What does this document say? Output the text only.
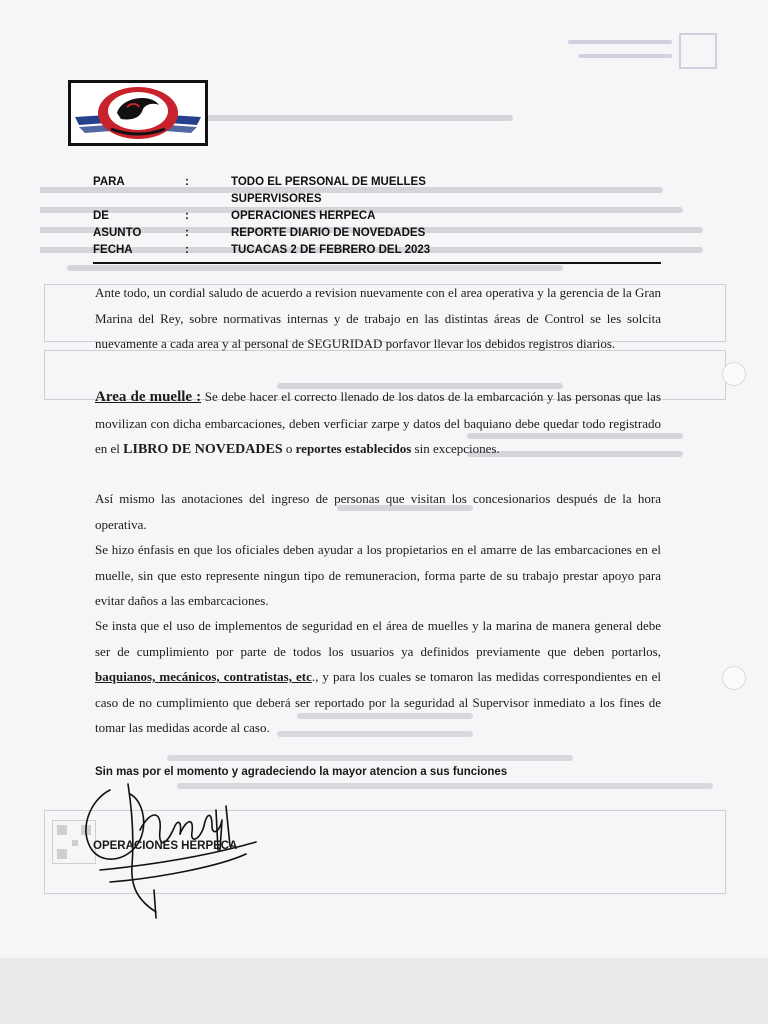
PARA	:	TODO EL PERSONAL DE MUELLES
SUPERVISORES
DE	:	OPERACIONES HERPECA
ASUNTO	:	REPORTE DIARIO DE NOVEDADES
FECHA	:	TUCACAS 2 DE FEBRERO DEL 2023

Ante todo, un cordial saludo de acuerdo a revision nuevamente con el area operativa y la gerencia de la Gran Marina del Rey, sobre normativas internas y de trabajo en las distintas áreas de Control se les solcita nuevamente a cada area y al personal de SEGURIDAD porfavor llevar los debidos registros diarios.

Area de muelle : Se debe hacer el correcto llenado de los datos de la embarcación y las personas que las movilizan con dicha embarcaciones, deben verficiar zarpe y datos del baquiano debe quedar todo registrado en el LIBRO DE NOVEDADES o reportes establecidos sin excepciones.

Así mismo las anotaciones del ingreso de personas que visitan los concesionarios después de la hora operativa.

Se hizo énfasis en que los oficiales deben ayudar a los propietarios en el amarre de las embarcaciones en el muelle, sin que esto represente ningun tipo de remuneracion, forma parte de su trabajo prestar apoyo para evitar daños a las embarcaciones.

Se insta que el uso de implementos de seguridad en el área de muelles y la marina de manera general debe ser de cumplimiento por parte de todos los usuarios ya definidos previamente que deben portarlos, baquianos, mecánicos, contratistas, etc., y para los cuales se tomaron las medidas correspondientes en el caso de no cumplimiento que deberá ser reportado por la seguridad al Supervisor inmediato a los fines de tomar las medidas acorde al caso.

Sin mas por el momento y agradeciendo la mayor atencion a sus funciones
OPERACIONES HERPECA
